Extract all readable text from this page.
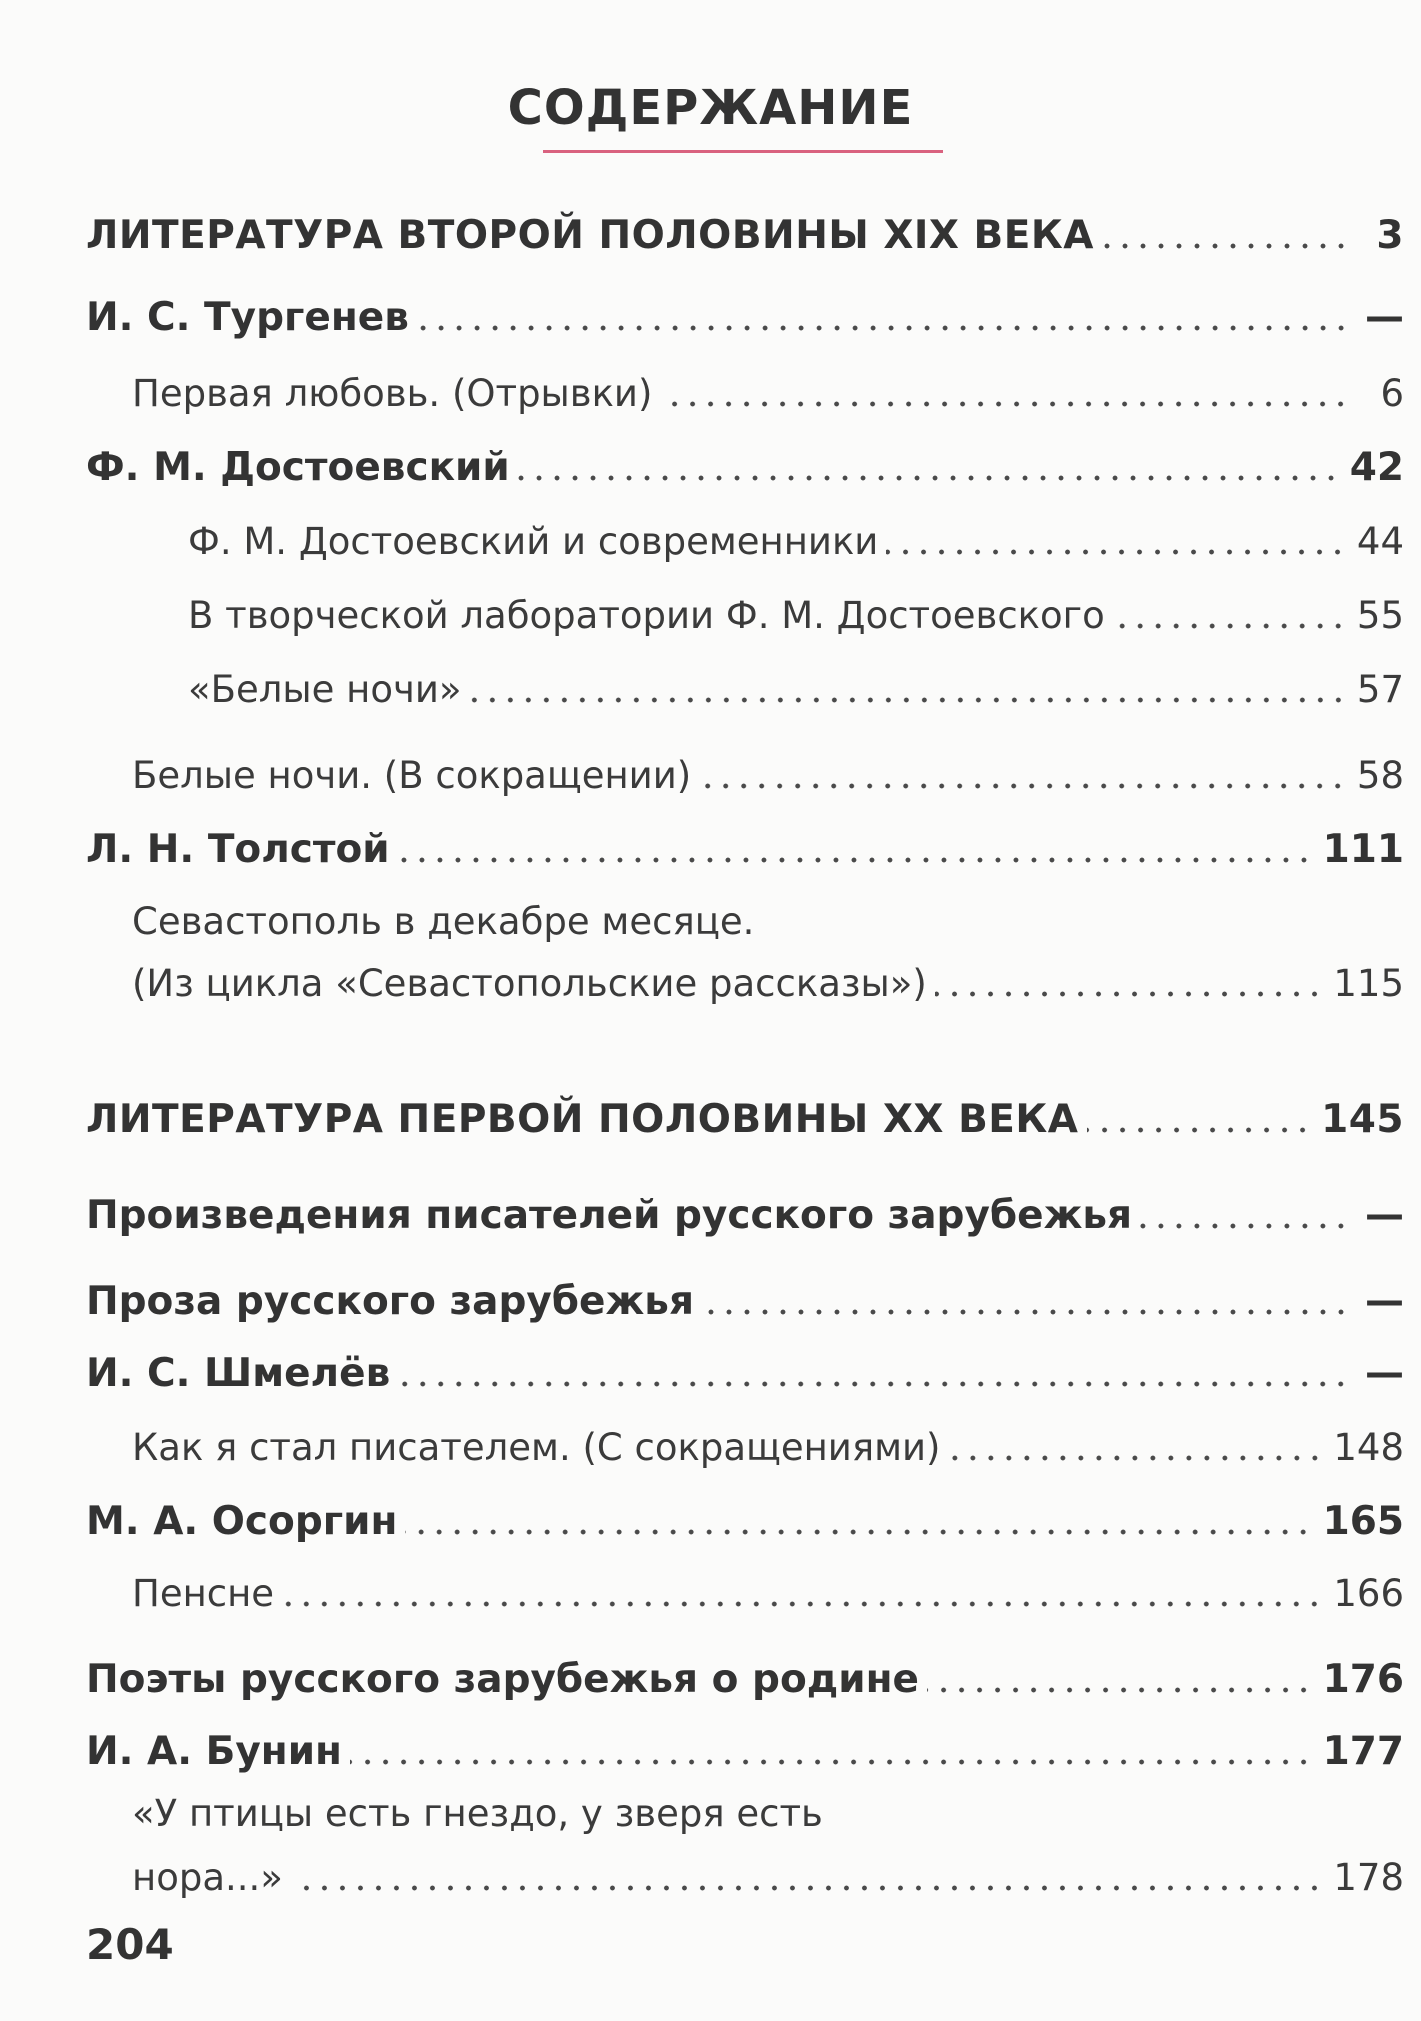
СОДЕРЖАНИЕ
ЛИТЕРАТУРА ВТОРОЙ ПОЛОВИНЫ XIX ВЕКА	3
И. С. Тургенев	—
Первая любовь. (Отрывки)	6
Ф. М. Достоевский	42
Ф. М. Достоевский и современники	44
В творческой лаборатории Ф. М. Достоевского	55
«Белые ночи»	57
Белые ночи. (В сокращении)	58
Л. Н. Толстой	111
Севастополь в декабре месяце.
(Из цикла «Севастопольские рассказы»)	115
ЛИТЕРАТУРА ПЕРВОЙ ПОЛОВИНЫ XX ВЕКА	145
Произведения писателей русского зарубежья	—
Проза русского зарубежья	—
И. С. Шмелёв	—
Как я стал писателем. (С сокращениями)	148
М. А. Осоргин	165
Пенсне	166
Поэты русского зарубежья о родине	176
И. А. Бунин	177
«У птицы есть гнездо, у зверя есть
нора...»	178
204
